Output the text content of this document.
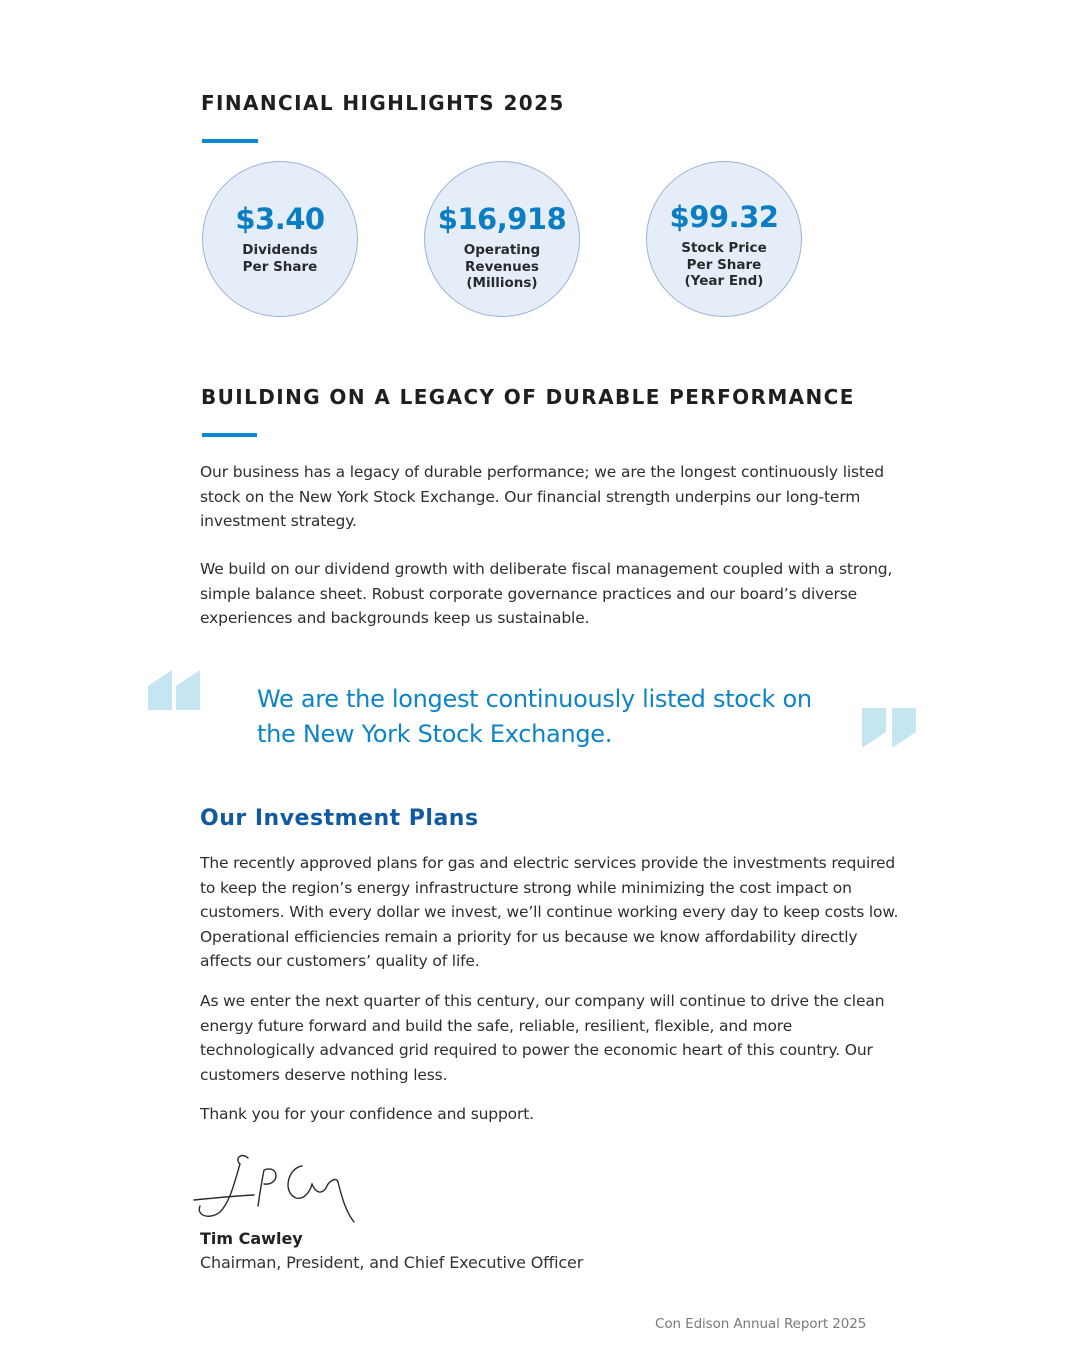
FINANCIAL HIGHLIGHTS 2025
$3.40
Dividends
Per Share
$16,918
Operating
Revenues
(Millions)
$99.32
Stock Price
Per Share
(Year End)
BUILDING ON A LEGACY OF DURABLE PERFORMANCE

Our business has a legacy of durable performance; we are the longest continuously listed stock on the New York Stock Exchange. Our financial strength underpins our long-term investment strategy.

We build on our dividend growth with deliberate fiscal management coupled with a strong, simple balance sheet. Robust corporate governance practices and our board’s diverse experiences and backgrounds keep us sustainable.

We are the longest continuously listed stock on the New York Stock Exchange.

Our Investment Plans

The recently approved plans for gas and electric services provide the investments required to keep the region’s energy infrastructure strong while minimizing the cost impact on customers. With every dollar we invest, we’ll continue working every day to keep costs low. Operational efficiencies remain a priority for us because we know affordability directly affects our customers’ quality of life.

As we enter the next quarter of this century, our company will continue to drive the clean energy future forward and build the safe, reliable, resilient, flexible, and more technologically advanced grid required to power the economic heart of this country. Our customers deserve nothing less.

Thank you for your confidence and support.

Tim Cawley
Chairman, President, and Chief Executive Officer
Con Edison Annual Report 2025
